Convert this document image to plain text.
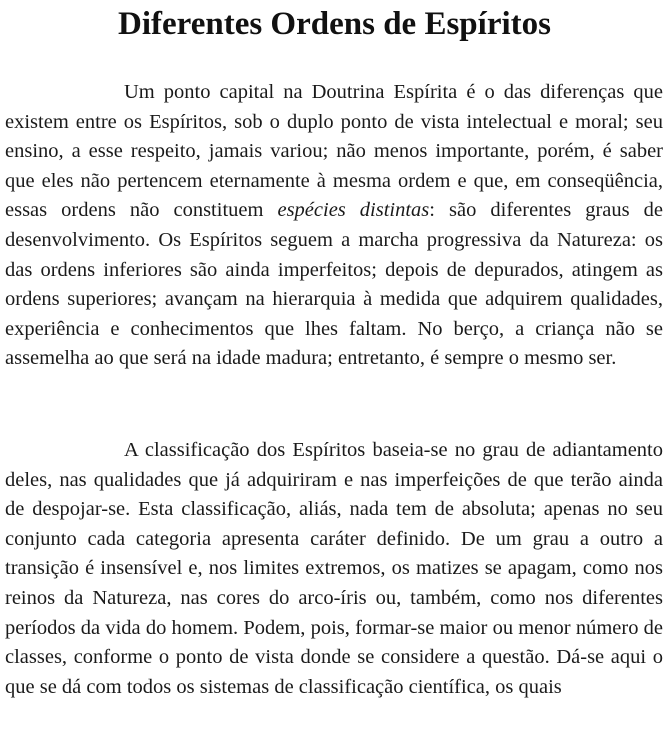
Diferentes Ordens de Espíritos

Um ponto capital na Doutrina Espírita é o das diferenças que existem entre os Espíritos, sob o duplo ponto de vista intelectual e moral; seu ensino, a esse respeito, jamais variou; não menos importante, porém, é saber que eles não pertencem eternamente à mesma ordem e que, em conseqüência, essas ordens não constituem espécies distintas: são diferentes graus de desenvolvimento. Os Espíritos seguem a marcha progressiva da Natureza: os das ordens inferiores são ainda imperfeitos; depois de depurados, atingem as ordens superiores; avançam na hierarquia à medida que adquirem qualidades, experiência e conhecimentos que lhes faltam. No berço, a criança não se assemelha ao que será na idade madura; entretanto, é sempre o mesmo ser.

A classificação dos Espíritos baseia-se no grau de adiantamento deles, nas qualidades que já adquiriram e nas imperfeições de que terão ainda de despojar-se. Esta classificação, aliás, nada tem de absoluta; apenas no seu conjunto cada categoria apresenta caráter definido. De um grau a outro a transição é insensível e, nos limites extremos, os matizes se apagam, como nos reinos da Natureza, nas cores do arco-íris ou, também, como nos diferentes períodos da vida do homem. Podem, pois, formar-se maior ou menor número de classes, conforme o ponto de vista donde se considere a questão. Dá-se aqui o que se dá com todos os sistemas de classificação científica, os quais
